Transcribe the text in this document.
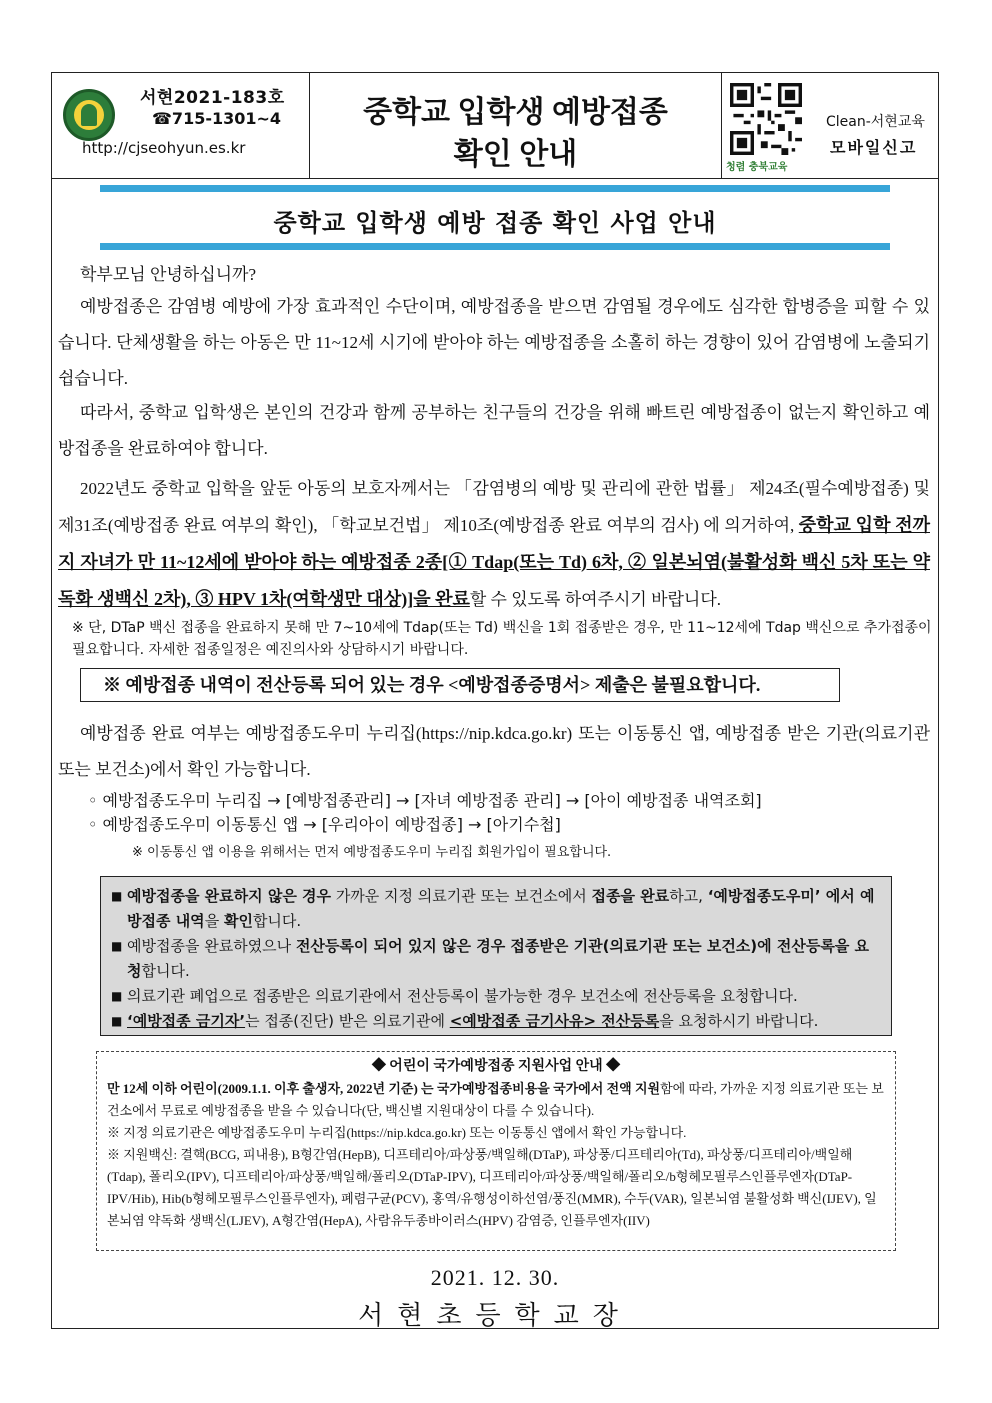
서현2021-183호
☎715-1301~4
http://cjseohyun.es.kr
중학교 입학생 예방접종
확인 안내	청렴 충북교육
Clean-서현교육
모바일신고
중학교 입학생 예방 접종 확인 사업 안내
학부모님 안녕하십니까?
예방접종은 감염병 예방에 가장 효과적인 수단이며, 예방접종을 받으면 감염될 경우에도 심각한 합병증을 피할 수 있습니다. 단체생활을 하는 아동은 만 11~12세 시기에 받아야 하는 예방접종을 소홀히 하는 경향이 있어 감염병에 노출되기 쉽습니다.
따라서, 중학교 입학생은 본인의 건강과 함께 공부하는 친구들의 건강을 위해 빠트린 예방접종이 없는지 확인하고 예방접종을 완료하여야 합니다.
2022년도 중학교 입학을 앞둔 아동의 보호자께서는 「감염병의 예방 및 관리에 관한 법률」 제24조(필수예방접종) 및 제31조(예방접종 완료 여부의 확인), 「학교보건법」 제10조(예방접종 완료 여부의 검사) 에 의거하여, 중학교 입학 전까지 자녀가 만 11~12세에 받아야 하는 예방접종 2종[① Tdap(또는 Td) 6차, ② 일본뇌염(불활성화 백신 5차 또는 약독화 생백신 2차), ③ HPV 1차(여학생만 대상)]을 완료할 수 있도록 하여주시기 바랍니다.
※ 단, DTaP 백신 접종을 완료하지 못해 만 7~10세에 Tdap(또는 Td) 백신을 1회 접종받은 경우, 만 11~12세에 Tdap 백신으로 추가접종이 필요합니다. 자세한 접종일정은 예진의사와 상담하시기 바랍니다.
※ 예방접종 내역이 전산등록 되어 있는 경우 <예방접종증명서> 제출은 불필요합니다.
예방접종 완료 여부는 예방접종도우미 누리집(https://nip.kdca.go.kr) 또는 이동통신 앱, 예방접종 받은 기관(의료기관 또는 보건소)에서 확인 가능합니다.
◦ 예방접종도우미 누리집 → [예방접종관리] → [자녀 예방접종 관리] → [아이 예방접종 내역조회]
◦ 예방접종도우미 이동통신 앱 → [우리아이 예방접종] → [아기수첩]
※ 이동통신 앱 이용을 위해서는 먼저 예방접종도우미 누리집 회원가입이 필요합니다.
■ 예방접종을 완료하지 않은 경우 가까운 지정 의료기관 또는 보건소에서 접종을 완료하고, ‘예방접종도우미’ 에서 예방접종 내역을 확인합니다.
■ 예방접종을 완료하였으나 전산등록이 되어 있지 않은 경우 접종받은 기관(의료기관 또는 보건소)에 전산등록을 요청합니다.
■ 의료기관 폐업으로 접종받은 의료기관에서 전산등록이 불가능한 경우 보건소에 전산등록을 요청합니다.
■ ‘예방접종 금기자’는 접종(진단) 받은 의료기관에 <예방접종 금기사유> 전산등록을 요청하시기 바랍니다.
◆ 어린이 국가예방접종 지원사업 안내 ◆
만 12세 이하 어린이(2009.1.1. 이후 출생자, 2022년 기준) 는 국가예방접종비용을 국가에서 전액 지원함에 따라, 가까운 지정 의료기관 또는 보건소에서 무료로 예방접종을 받을 수 있습니다(단, 백신별 지원대상이 다를 수 있습니다).
※ 지정 의료기관은 예방접종도우미 누리집(https://nip.kdca.go.kr) 또는 이동통신 앱에서 확인 가능합니다.
※ 지원백신: 결핵(BCG, 피내용), B형간염(HepB), 디프테리아/파상풍/백일해(DTaP), 파상풍/디프테리아(Td), 파상풍/디프테리아/백일해(Tdap), 폴리오(IPV), 디프테리아/파상풍/백일해/폴리오(DTaP-IPV), 디프테리아/파상풍/백일해/폴리오/b형헤모필루스인플루엔자(DTaP-IPV/Hib), Hib(b형헤모필루스인플루엔자), 폐렴구균(PCV), 홍역/유행성이하선염/풍진(MMR), 수두(VAR), 일본뇌염 불활성화 백신(IJEV), 일본뇌염 약독화 생백신(LJEV), A형간염(HepA), 사람유두종바이러스(HPV) 감염증, 인플루엔자(IIV)
2021. 12. 30.
서현초등학교장
